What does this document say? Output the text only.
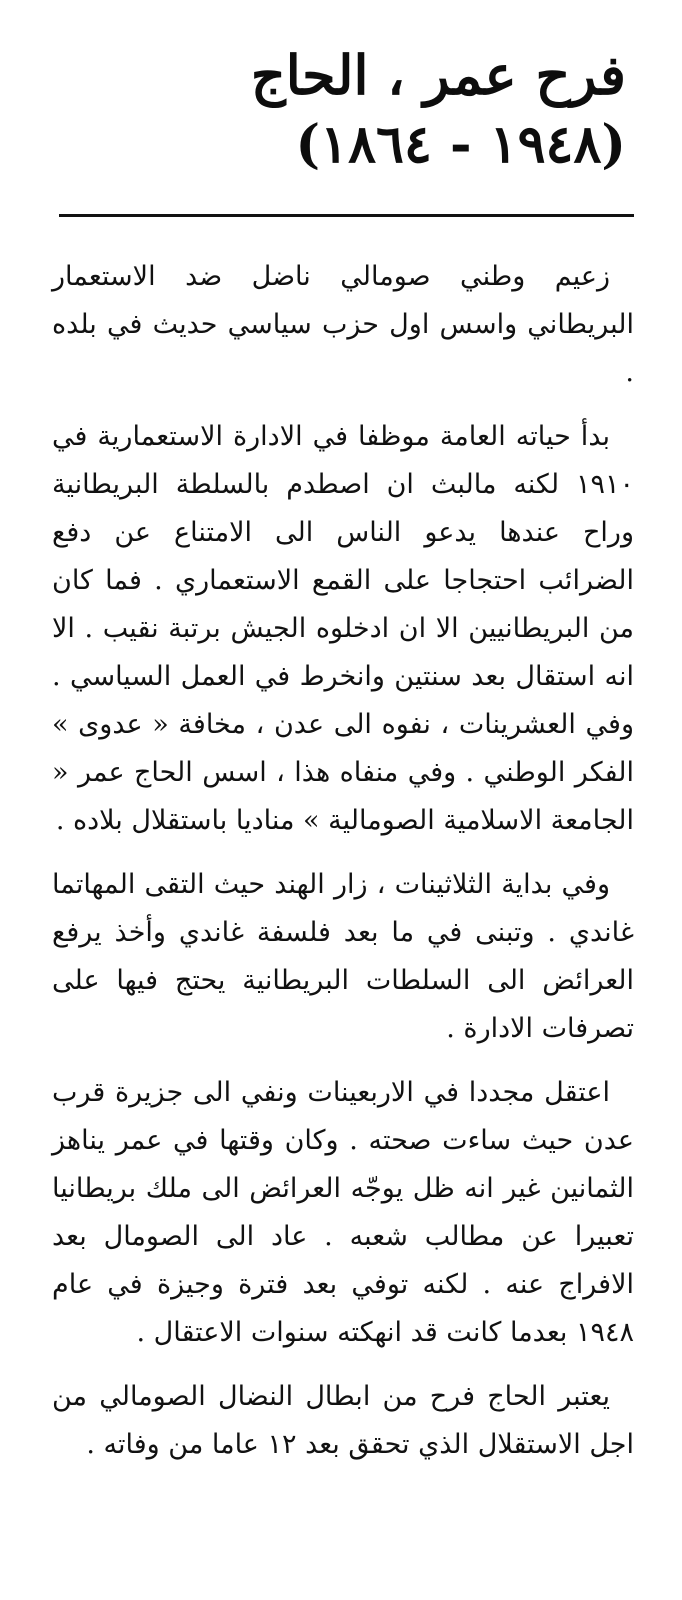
فرح عمر ، الحاج

(١٩٤٨ - ١٨٦٤)

زعيم وطني صومالي ناضل ضد الاستعمار البريطاني واسس اول حزب سياسي حديث في بلده .

بدأ حياته العامة موظفا في الادارة الاستعمارية في ١٩١٠ لكنه مالبث ان اصطدم بالسلطة البريطانية وراح عندها يدعو الناس الى الامتناع عن دفع الضرائب احتجاجا على القمع الاستعماري . فما كان من البريطانيين الا ان ادخلوه الجيش برتبة نقيب . الا انه استقال بعد سنتين وانخرط في العمل السياسي . وفي العشرينات ، نفوه الى عدن ، مخافة « عدوى » الفكر الوطني . وفي منفاه هذا ، اسس الحاج عمر « الجامعة الاسلامية الصومالية » مناديا باستقلال بلاده .

وفي بداية الثلاثينات ، زار الهند حيث التقى المهاتما غاندي . وتبنى في ما بعد فلسفة غاندي وأخذ يرفع العرائض الى السلطات البريطانية يحتج فيها على تصرفات الادارة .

اعتقل مجددا في الاربعينات ونفي الى جزيرة قرب عدن حيث ساءت صحته . وكان وقتها في عمر يناهز الثمانين غير انه ظل يوجّه العرائض الى ملك بريطانيا تعبيرا عن مطالب شعبه . عاد الى الصومال بعد الافراج عنه . لكنه توفي بعد فترة وجيزة في عام ١٩٤٨ بعدما كانت قد انهكته سنوات الاعتقال .

يعتبر الحاج فرح من ابطال النضال الصومالي من اجل الاستقلال الذي تحقق بعد ١٢ عاما من وفاته .
